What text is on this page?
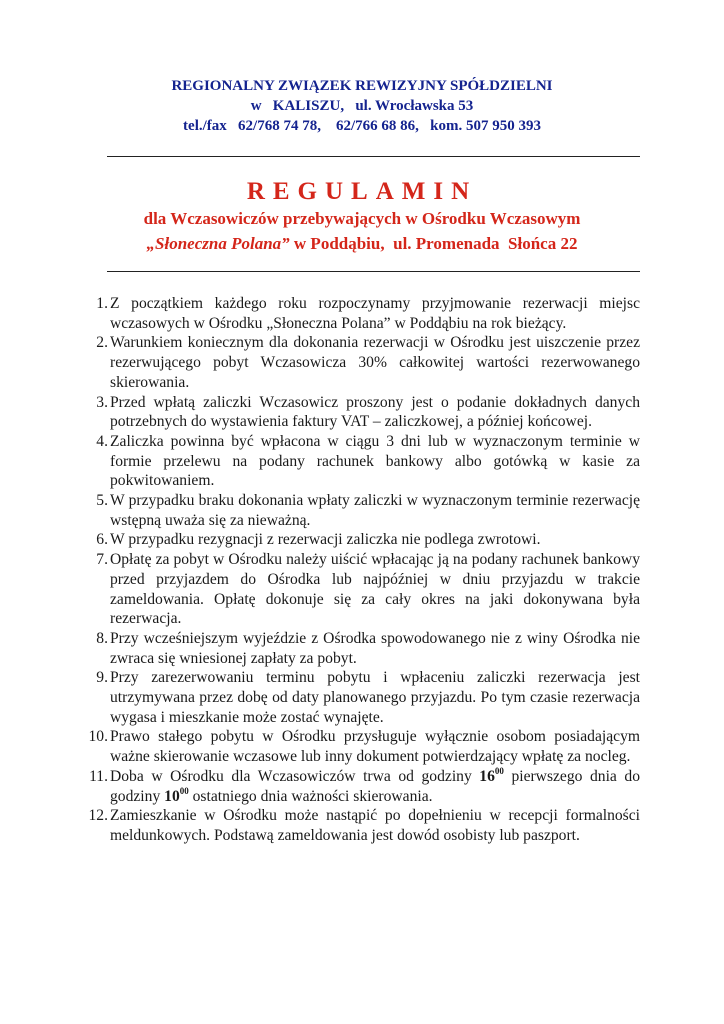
REGIONALNY ZWIĄZEK REWIZYJNY SPÓŁDZIELNI
w   KALISZU,   ul. Wrocławska 53
tel./fax   62/768 74 78,    62/766 68 86,   kom. 507 950 393
REGULAMIN
dla Wczasowiczów przebywających w Ośrodku Wczasowym
„Słoneczna Polana” w Poddąbiu,  ul. Promenada  Słońca 22
1. Z początkiem każdego roku rozpoczynamy przyjmowanie rezerwacji miejsc wczasowych w Ośrodku „Słoneczna Polana” w Poddąbiu na rok bieżący.
2. Warunkiem koniecznym dla dokonania rezerwacji w Ośrodku jest uiszczenie przez rezerwującego pobyt Wczasowicza 30% całkowitej wartości rezerwowanego skierowania.
3. Przed wpłatą zaliczki Wczasowicz proszony jest o podanie dokładnych danych potrzebnych do wystawienia faktury VAT – zaliczkowej, a później końcowej.
4. Zaliczka powinna być wpłacona w ciągu 3 dni lub w wyznaczonym terminie w formie przelewu na podany rachunek bankowy albo gotówką w kasie za pokwitowaniem.
5. W przypadku braku dokonania wpłaty zaliczki w wyznaczonym terminie rezerwację wstępną uważa się za nieważną.
6. W przypadku rezygnacji z rezerwacji zaliczka nie podlega zwrotowi.
7. Opłatę za pobyt w Ośrodku należy uiścić wpłacając ją na podany rachunek bankowy przed przyjazdem do Ośrodka lub najpóźniej w dniu przyjazdu w trakcie zameldowania. Opłatę dokonuje się za cały okres na jaki dokonywana była rezerwacja.
8. Przy wcześniejszym wyjeździe z Ośrodka spowodowanego nie z winy Ośrodka nie zwraca się wniesionej zapłaty za pobyt.
9. Przy zarezerwowaniu terminu pobytu i wpłaceniu zaliczki rezerwacja jest utrzymywana przez dobę od daty planowanego przyjazdu. Po tym czasie rezerwacja wygasa i mieszkanie może zostać wynajęte.
10. Prawo stałego pobytu w Ośrodku przysługuje wyłącznie osobom posiadającym ważne skierowanie wczasowe lub inny dokument potwierdzający wpłatę za nocleg.
11. Doba w Ośrodku dla Wczasowiczów trwa od godziny $16^{00}$ pierwszego dnia do godziny $10^{00}$ ostatniego dnia ważności skierowania.
12. Zamieszkanie w Ośrodku może nastąpić po dopełnieniu w recepcji formalności meldunkowych. Podstawą zameldowania jest dowód osobisty lub paszport.
